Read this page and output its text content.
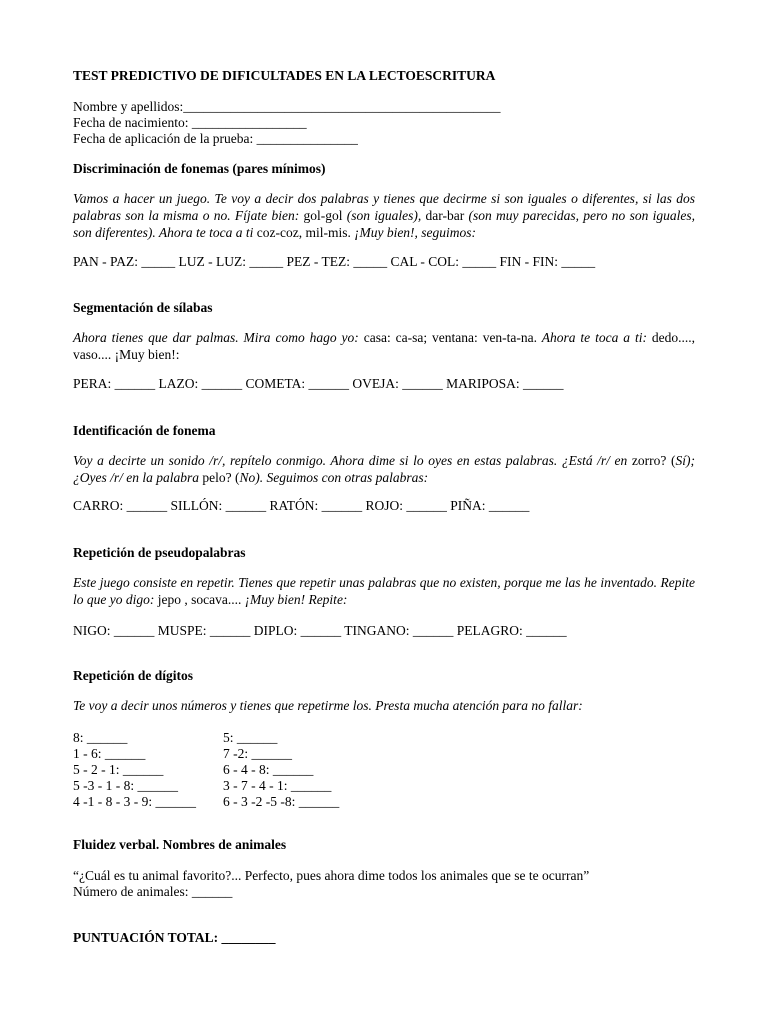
TEST PREDICTIVO DE DIFICULTADES EN LA LECTOESCRITURA
Nombre y apellidos:_______________________________________________
Fecha de nacimiento: _________________
Fecha de aplicación de la prueba: _______________
Discriminación de fonemas (pares mínimos)
Vamos a hacer un juego. Te voy a decir dos palabras y tienes que decirme si son iguales o diferentes, si las dos palabras son la misma o no. Fíjate bien: gol-gol (son iguales), dar-bar (son muy parecidas, pero no son iguales, son diferentes). Ahora te toca a ti coz-coz, mil-mis. ¡Muy bien!, seguimos:
PAN - PAZ: _____ LUZ - LUZ: _____ PEZ - TEZ: _____ CAL - COL: _____ FIN - FIN: _____
Segmentación de sílabas
Ahora tienes que dar palmas. Mira como hago yo: casa: ca-sa; ventana: ven-ta-na. Ahora te toca a ti: dedo...., vaso.... ¡Muy bien!:
PERA: ______ LAZO: ______ COMETA: ______ OVEJA: ______ MARIPOSA: ______
Identificación de fonema
Voy a decirte un sonido /r/, repítelo conmigo. Ahora dime si lo oyes en estas palabras. ¿Está /r/ en zorro? (Sí); ¿Oyes /r/ en la palabra pelo? (No). Seguimos con otras palabras:
CARRO: ______ SILLÓN: ______ RATÓN: ______ ROJO: ______ PIÑA: ______
Repetición de pseudopalabras
Este juego consiste en repetir. Tienes que repetir unas palabras que no existen, porque me las he inventado. Repite lo que yo digo: jepo , socava.... ¡Muy bien! Repite:
NIGO: ______ MUSPE: ______ DIPLO: ______ TINGANO: ______ PELAGRO: ______
Repetición de dígitos
Te voy a decir unos números y tienes que repetirme los. Presta mucha atención para no fallar:
8: ______
1 - 6: ______
5 - 2 - 1: ______
5 -3 - 1 - 8: ______
4 -1 - 8 - 3 - 9: ______
5: ______
7 -2: ______
6 - 4 - 8: ______
3 - 7 - 4 - 1: ______
6 - 3 -2 -5 -8: ______
Fluidez verbal. Nombres de animales
“¿Cuál es tu animal favorito?... Perfecto, pues ahora dime todos los animales que se te ocurran”
Número de animales: ______
PUNTUACIÓN TOTAL: ________
